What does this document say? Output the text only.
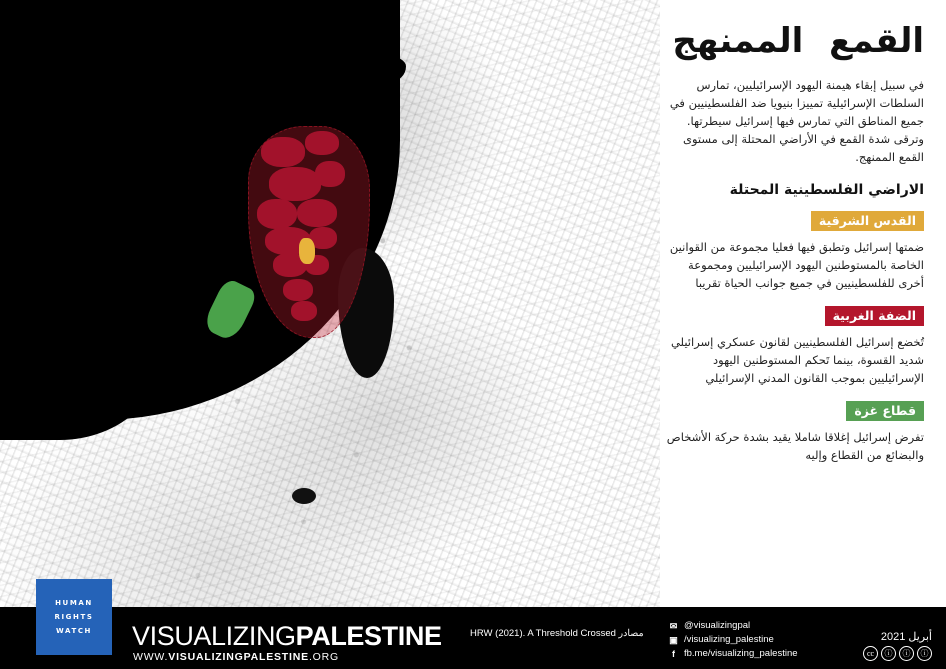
القمع الممنهج
في سبيل إبقاء هيمنة اليهود الإسرائيليين، تمارس السلطات الإسرائيلية تمييزا بنيويا ضد الفلسطينيين في جميع المناطق التي تمارس فيها إسرائيل سيطرتها. وترقى شدة القمع في الأراضي المحتلة إلى مستوى القمع الممنهج.
الاراضي الفلسطينية المحتلة
القدس الشرقية

ضمتها إسرائيل وتطبق فيها فعليا مجموعة من القوانين الخاصة بالمستوطنين اليهود الإسرائيليين ومجموعة أخرى للفلسطينيين في جميع جوانب الحياة تقريبا

الضفة الغربية

تُخضع إسرائيل الفلسطينيين لقانون عسكري إسرائيلي شديد القسوة، بينما تَحكم المستوطنين اليهود الإسرائيليين بموجب القانون المدني الإسرائيلي

قطاع غزة

تفرض إسرائيل إغلاقا شاملا يقيد بشدة حركة الأشخاص والبضائع من القطاع وإليه

HUMAN
RIGHTS
WATCH VISUALIZINGPALESTINE
WWW.VISUALIZINGPALESTINE.ORG
مصادر HRW (2021). A Threshold Crossed
✉ @visualizingpal
▣ /visualizing_palestine
f fb.me/visualizing_palestine
أبريل 2021
cc	ⓘ	ⓘ	ⓘ
